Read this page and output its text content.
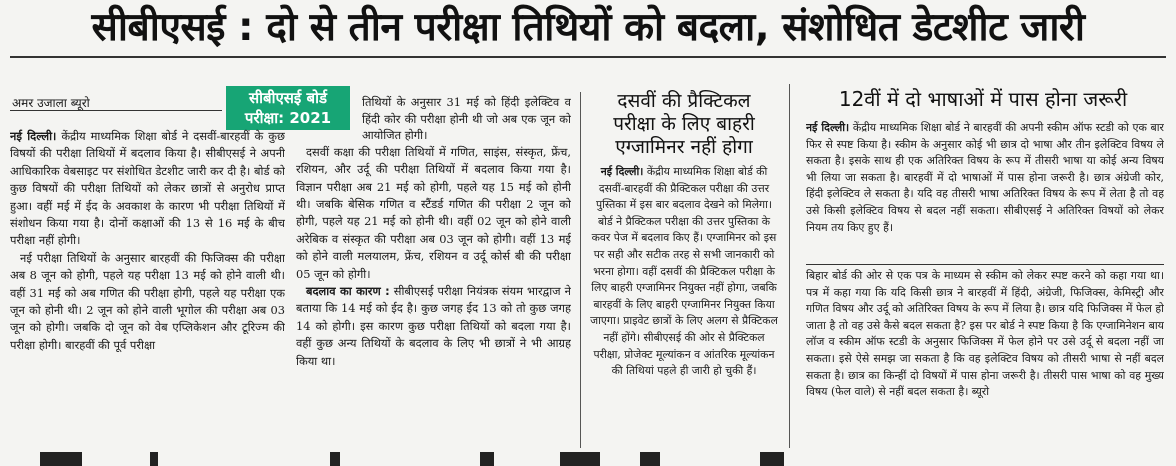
सीबीएसई : दो से तीन परीक्षा तिथियों को बदला, संशोधित डेटशीट जारी
अमर उजाला ब्यूरो	सीबीएसई बोर्ड
परीक्षा: 2021

नई दिल्ली। केंद्रीय माध्यमिक शिक्षा बोर्ड ने दसवीं-बारहवीं के कुछ विषयों की परीक्षा तिथियों में बदलाव किया है। सीबीएसई ने अपनी आधिकारिक वेबसाइट पर संशोधित डेटशीट जारी कर दी है। बोर्ड को कुछ विषयों की परीक्षा तिथियों को लेकर छात्रों से अनुरोध प्राप्त हुआ। वहीं मई में ईद के अवकाश के कारण भी परीक्षा तिथियों में संशोधन किया गया है। दोनों कक्षाओं की 13 से 16 मई के बीच परीक्षा नहीं होगी।

नई परीक्षा तिथियों के अनुसार बारहवीं की फिजिक्स की परीक्षा अब 8 जून को होगी, पहले यह परीक्षा 13 मई को होने वाली थी। वहीं 31 मई को अब गणित की परीक्षा होगी, पहले यह परीक्षा एक जून को होनी थी। 2 जून को होने वाली भूगोल की परीक्षा अब 03 जून को होगी। जबकि दो जून को वेब एप्लिकेशन और टूरिज्म की परीक्षा होगी। बारहवीं की पूर्व परीक्षा

तिथियों के अनुसार 31 मई को हिंदी इलेक्टिव व हिंदी कोर की परीक्षा होनी थी जो अब एक जून को आयोजित होगी।

दसवीं कक्षा की परीक्षा तिथियों में गणित, साइंस, संस्कृत, फ्रेंच, रशियन, और उर्दू की परीक्षा तिथियों में बदलाव किया गया है। विज्ञान परीक्षा अब 21 मई को होगी, पहले यह 15 मई को होनी थी। जबकि बेसिक गणित व स्टैंडर्ड गणित की परीक्षा 2 जून को होगी, पहले यह 21 मई को होनी थी। वहीं 02 जून को होने वाली अरेबिक व संस्कृत की परीक्षा अब 03 जून को होगी। वहीं 13 मई को होने वाली मलयालम, फ्रेंच, रशियन व उर्दू कोर्स बी की परीक्षा 05 जून को होगी।

बदलाव का कारण : सीबीएसई परीक्षा नियंत्रक संयम भारद्वाज ने बताया कि 14 मई को ईद है। कुछ जगह ईद 13 को तो कुछ जगह 14 को होगी। इस कारण कुछ परीक्षा तिथियों को बदला गया है। वहीं कुछ अन्य तिथियों के बदलाव के लिए भी छात्रों ने भी आग्रह किया था।

दसवीं की प्रैक्टिकल
परीक्षा के लिए बाहरी
एग्जामिनर नहीं होगा

नई दिल्ली। केंद्रीय माध्यमिक शिक्षा बोर्ड की दसवीं-बारहवीं की प्रैक्टिकल परीक्षा की उत्तर पुस्तिका में इस बार बदलाव देखने को मिलेगा। बोर्ड ने प्रैक्टिकल परीक्षा की उत्तर पुस्तिका के कवर पेज में बदलाव किए हैं। एग्जामिनर को इस पर सही और सटीक तरह से सभी जानकारी को भरना होगा। वहीं दसवीं की प्रैक्टिकल परीक्षा के लिए बाहरी एग्जामिनर नियुक्त नहीं होगा, जबकि बारहवीं के लिए बाहरी एग्जामिनर नियुक्त किया जाएगा। प्राइवेट छात्रों के लिए अलग से प्रैक्टिकल नहीं होंगे। सीबीएसई की ओर से प्रैक्टिकल परीक्षा, प्रोजेक्ट मूल्यांकन व आंतरिक मूल्यांकन की तिथियां पहले ही जारी हो चुकी हैं।

12वीं में दो भाषाओं में पास होना जरूरी

नई दिल्ली। केंद्रीय माध्यमिक शिक्षा बोर्ड ने बारहवीं की अपनी स्कीम ऑफ स्टडी को एक बार फिर से स्पष्ट किया है। स्कीम के अनुसार कोई भी छात्र दो भाषा और तीन इलेक्टिव विषय ले सकता है। इसके साथ ही एक अतिरिक्त विषय के रूप में तीसरी भाषा या कोई अन्य विषय भी लिया जा सकता है। बारहवीं में दो भाषाओं में पास होना जरूरी है। छात्र अंग्रेजी कोर, हिंदी इलेक्टिव ले सकता है। यदि वह तीसरी भाषा अतिरिक्त विषय के रूप में लेता है तो वह उसे किसी इलेक्टिव विषय से बदल नहीं सकता। सीबीएसई ने अतिरिक्त विषयों को लेकर नियम तय किए हुए हैं।

बिहार बोर्ड की ओर से एक पत्र के माध्यम से स्कीम को लेकर स्पष्ट करने को कहा गया था। पत्र में कहा गया कि यदि किसी छात्र ने बारहवीं में हिंदी, अंग्रेजी, फिजिक्स, केमिस्ट्री और गणित विषय और उर्दू को अतिरिक्त विषय के रूप में लिया है। छात्र यदि फिजिक्स में फेल हो जाता है तो वह उसे कैसे बदल सकता है? इस पर बोर्ड ने स्पष्ट किया है कि एग्जामिनेशन बाय लॉज व स्कीम ऑफ स्टडी के अनुसार फिजिक्स में फेल होने पर उसे उर्दू से बदला नहीं जा सकता। इसे ऐसे समझ जा सकता है कि वह इलेक्टिव विषय को तीसरी भाषा से नहीं बदल सकता है। छात्र का किन्हीं दो विषयों में पास होना जरूरी है। तीसरी पास भाषा को वह मुख्य विषय (फेल वाले) से नहीं बदल सकता है। ब्यूरो
